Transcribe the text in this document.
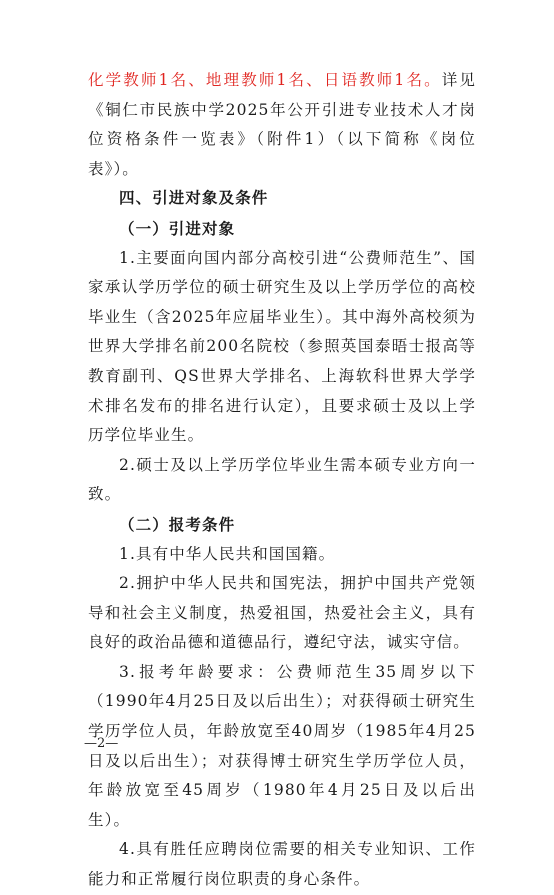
化学教师1名、地理教师1名、日语教师1名。详见《铜仁市民族中学2025年公开引进专业技术人才岗位资格条件一览表》（附件1）（以下简称《岗位表》）。

四、引进对象及条件

（一）引进对象

1.主要面向国内部分高校引进“公费师范生”、国家承认学历学位的硕士研究生及以上学历学位的高校毕业生（含2025年应届毕业生）。其中海外高校须为世界大学排名前200名院校（参照英国泰晤士报高等教育副刊、QS世界大学排名、上海软科世界大学学术排名发布的排名进行认定），且要求硕士及以上学历学位毕业生。

2.硕士及以上学历学位毕业生需本硕专业方向一致。

（二）报考条件

1.具有中华人民共和国国籍。

2.拥护中华人民共和国宪法，拥护中国共产党领导和社会主义制度，热爱祖国，热爱社会主义，具有良好的政治品德和道德品行，遵纪守法，诚实守信。

3.报考年龄要求：公费师范生35周岁以下（1990年4月25日及以后出生）；对获得硕士研究生学历学位人员，年龄放宽至40周岁（1985年4月25日及以后出生）；对获得博士研究生学历学位人员，年龄放宽至45周岁（1980年4月25日及以后出生）。

4.具有胜任应聘岗位需要的相关专业知识、工作能力和正常履行岗位职责的身心条件。

—2—
